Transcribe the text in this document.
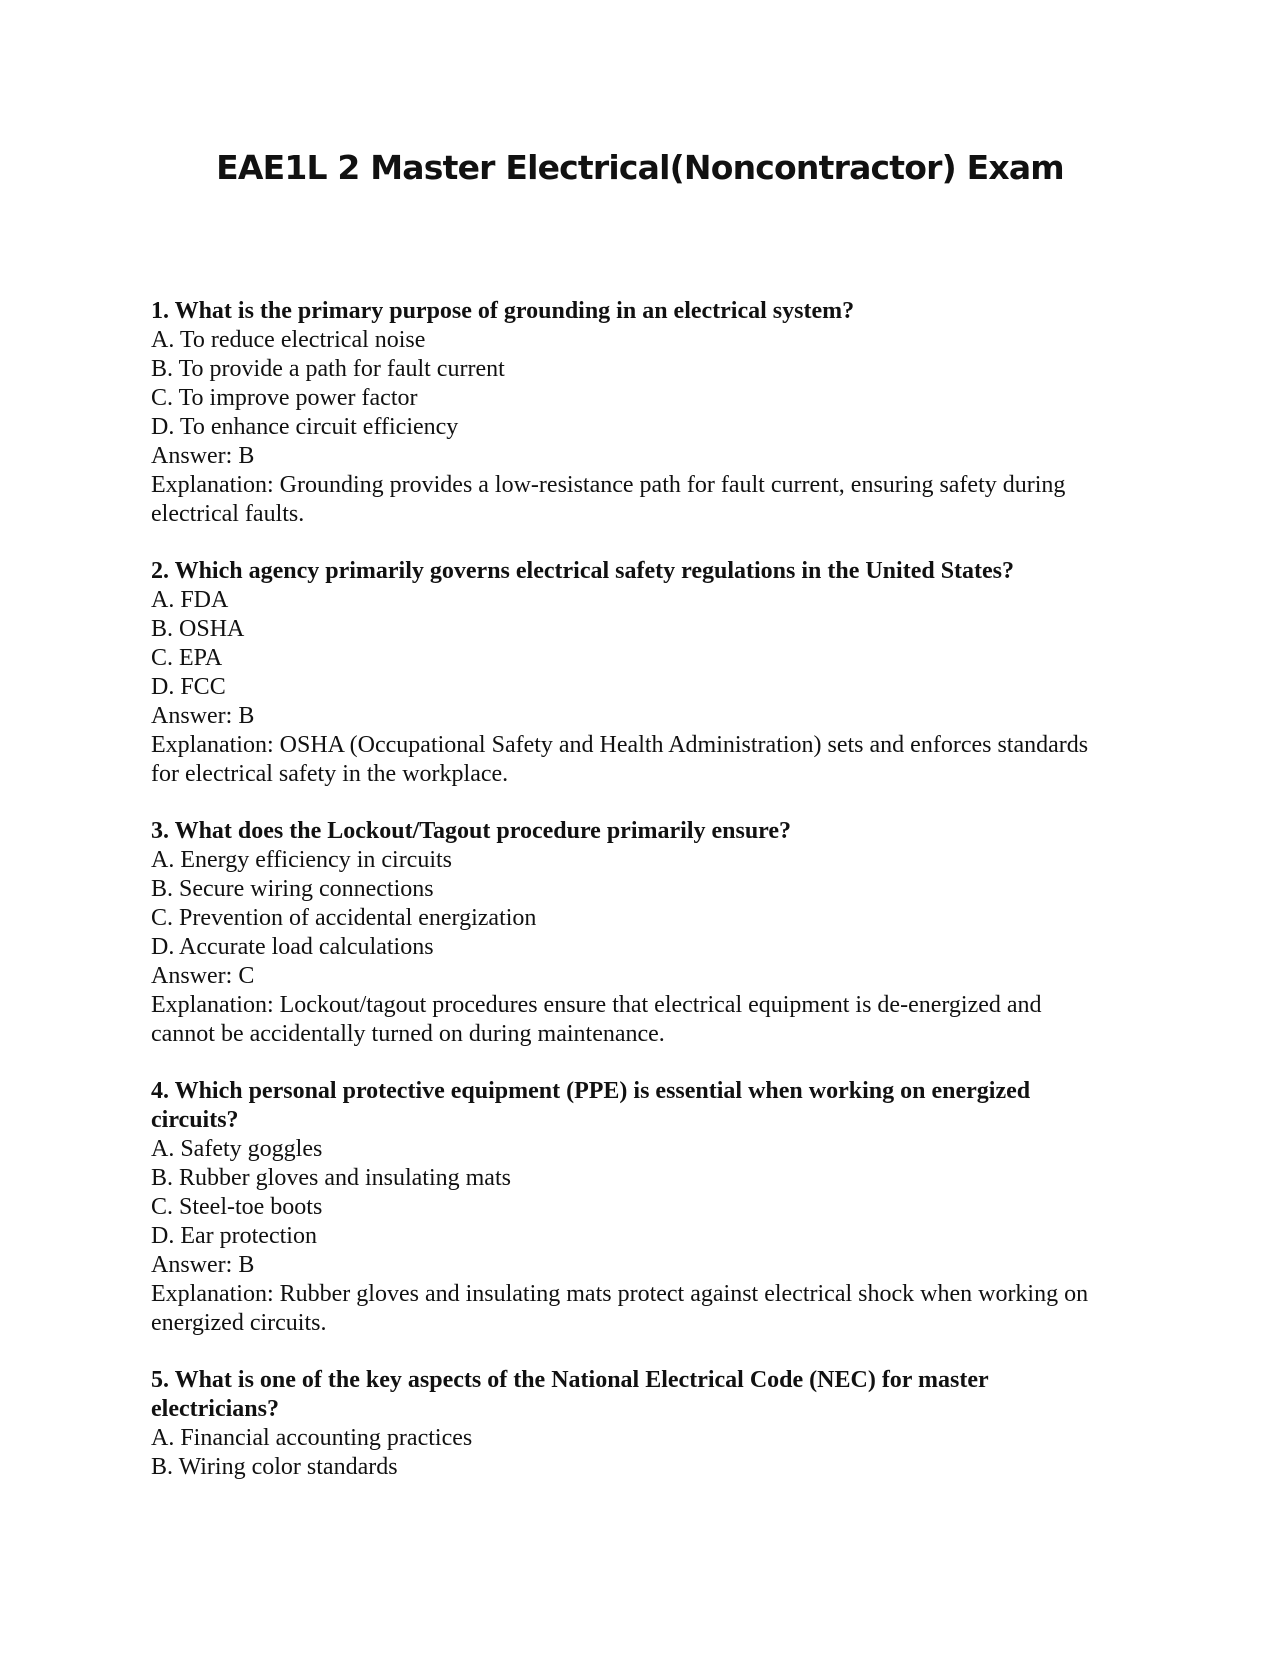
EAE1L 2 Master Electrical(Noncontractor) Exam

1. What is the primary purpose of grounding in an electrical system?

A. To reduce electrical noise

B. To provide a path for fault current

C. To improve power factor

D. To enhance circuit efficiency

Answer: B

Explanation: Grounding provides a low-resistance path for fault current, ensuring safety during electrical faults.

2. Which agency primarily governs electrical safety regulations in the United States?

A. FDA

B. OSHA

C. EPA

D. FCC

Answer: B

Explanation: OSHA (Occupational Safety and Health Administration) sets and enforces standards for electrical safety in the workplace.

3. What does the Lockout/Tagout procedure primarily ensure?

A. Energy efficiency in circuits

B. Secure wiring connections

C. Prevention of accidental energization

D. Accurate load calculations

Answer: C

Explanation: Lockout/tagout procedures ensure that electrical equipment is de-energized and cannot be accidentally turned on during maintenance.

4. Which personal protective equipment (PPE) is essential when working on energized circuits?

A. Safety goggles

B. Rubber gloves and insulating mats

C. Steel-toe boots

D. Ear protection

Answer: B

Explanation: Rubber gloves and insulating mats protect against electrical shock when working on energized circuits.

5. What is one of the key aspects of the National Electrical Code (NEC) for master electricians?

A. Financial accounting practices

B. Wiring color standards
